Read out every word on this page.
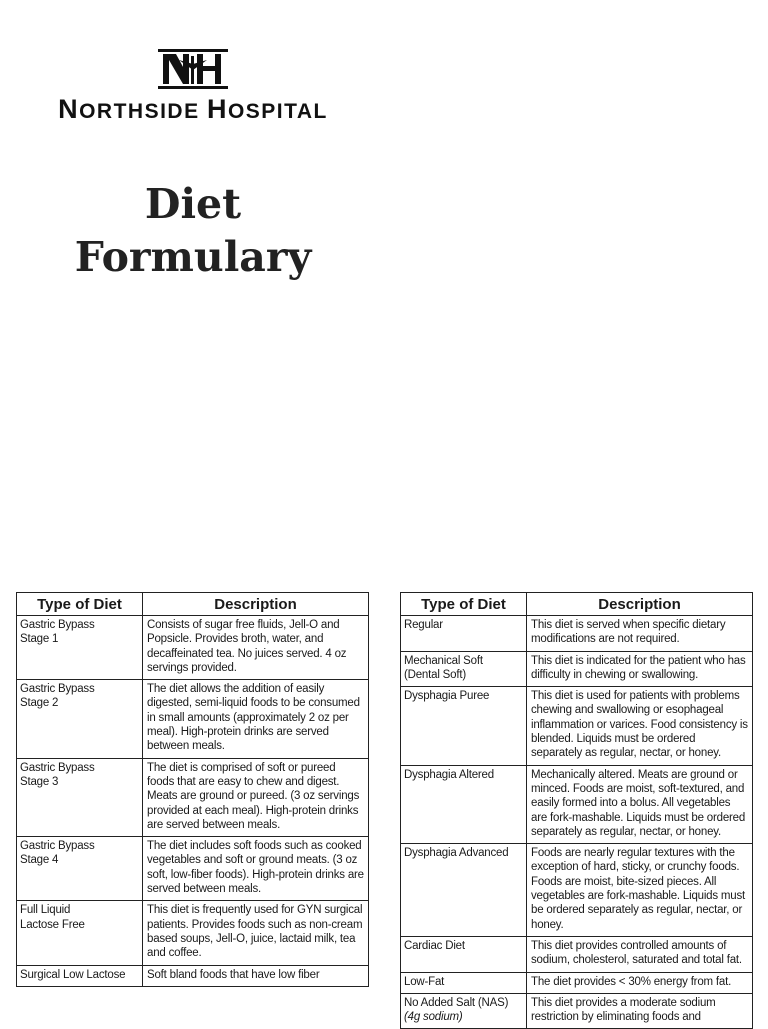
NORTHSIDE HOSPITAL
Diet
Formulary
Type of Diet	Description

Gastric Bypass
Stage 1	Consists of sugar free fluids, Jell-O and Popsicle. Provides broth, water, and decaffeinated tea. No juices served. 4 oz servings provided.

Gastric Bypass
Stage 2	The diet allows the addition of easily digested, semi-liquid foods to be consumed in small amounts (approximately 2 oz per meal). High-protein drinks are served between meals.

Gastric Bypass
Stage 3	The diet is comprised of soft or pureed foods that are easy to chew and digest. Meats are ground or pureed. (3 oz servings provided at each meal). High-protein drinks are served between meals.

Gastric Bypass
Stage 4	The diet includes soft foods such as cooked vegetables and soft or ground meats. (3 oz soft, low-fiber foods). High-protein drinks are served between meals.

Full Liquid
Lactose Free	This diet is frequently used for GYN surgical patients. Provides foods such as non-cream based soups, Jell-O, juice, lactaid milk, tea and coffee.

Surgical Low Lactose	Soft bland foods that have low fiber
Type of Diet	Description

Regular	This diet is served when specific dietary modifications are not required.

Mechanical Soft
(Dental Soft)	This diet is indicated for the patient who has difficulty in chewing or swallowing.

Dysphagia Puree	This diet is used for patients with problems chewing and swallowing or esophageal inflammation or varices. Food consistency is blended. Liquids must be ordered separately as regular, nectar, or honey.

Dysphagia Altered	Mechanically altered. Meats are ground or minced. Foods are moist, soft-textured, and easily formed into a bolus. All vegetables are fork-mashable. Liquids must be ordered separately as regular, nectar, or honey.

Dysphagia Advanced	Foods are nearly regular textures with the exception of hard, sticky, or crunchy foods. Foods are moist, bite-sized pieces. All vegetables are fork-mashable. Liquids must be ordered separately as regular, nectar, or honey.

Cardiac Diet	This diet provides controlled amounts of sodium, cholesterol, saturated and total fat.

Low-Fat	The diet provides < 30% energy from fat.

No Added Salt (NAS)
(4g sodium)	This diet provides a moderate sodium restriction by eliminating foods and
